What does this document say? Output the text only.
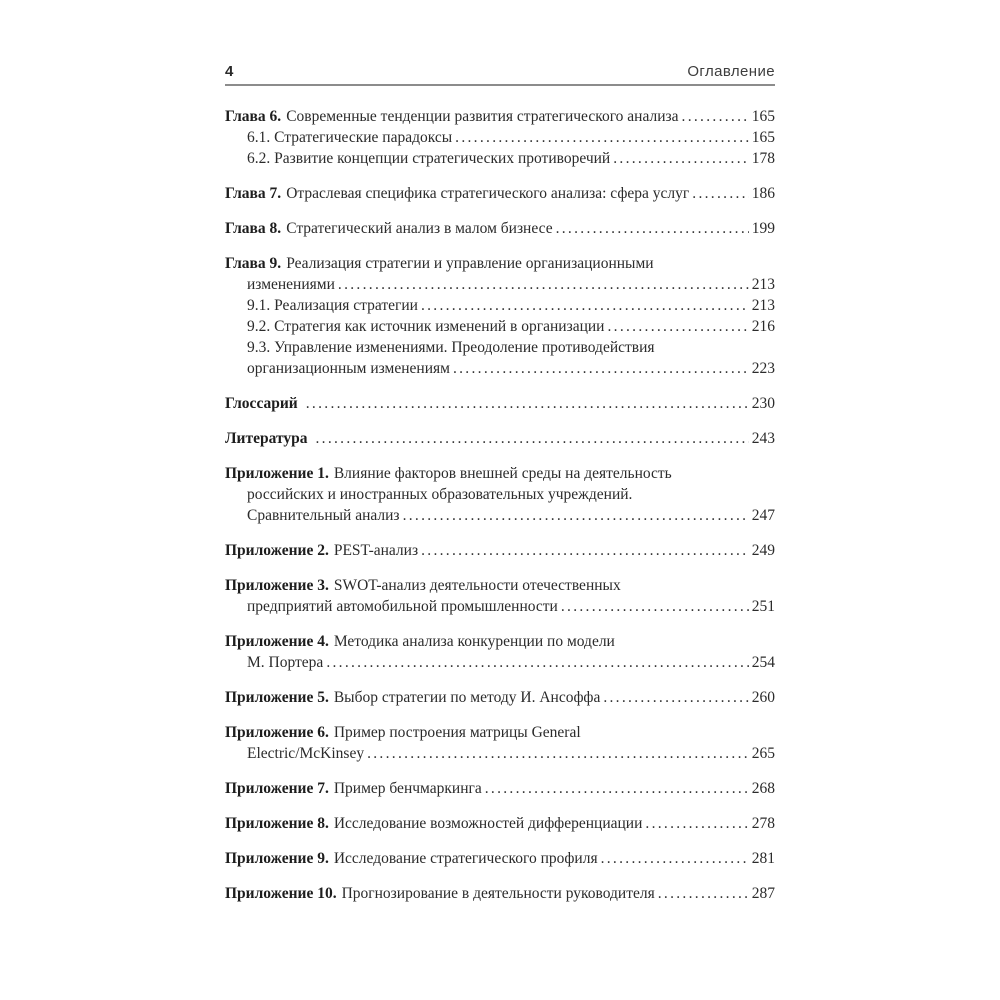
4	Оглавление
Глава 6. Современные тенденции развития стратегического анализа .....	165
6.1. Стратегические парадоксы .....	165
6.2. Развитие концепции стратегических противоречий .....	178
Глава 7. Отраслевая специфика стратегического анализа: сфера услуг .....	186
Глава 8. Стратегический анализ в малом бизнесе .....	199
Глава 9. Реализация стратегии и управление организационными
изменениями .....	213
9.1. Реализация стратегии .....	213
9.2. Стратегия как источник изменений в организации .....	216
9.3. Управление изменениями. Преодоление противодействия
организационным изменениям .....	223
Глоссарий .....	230
Литература .....	243
Приложение 1. Влияние факторов внешней среды на деятельность
российских и иностранных образовательных учреждений.
Сравнительный анализ .....	247
Приложение 2. PEST-анализ .....	249
Приложение 3. SWOT-анализ деятельности отечественных
предприятий автомобильной промышленности .....	251
Приложение 4. Методика анализа конкуренции по модели
М. Портера .....	254
Приложение 5. Выбор стратегии по методу И. Ансоффа .....	260
Приложение 6. Пример построения матрицы General
Electric/McKinsey .....	265
Приложение 7. Пример бенчмаркинга .....	268
Приложение 8. Исследование возможностей дифференциации .....	278
Приложение 9. Исследование стратегического профиля .....	281
Приложение 10. Прогнозирование в деятельности руководителя .....	287
